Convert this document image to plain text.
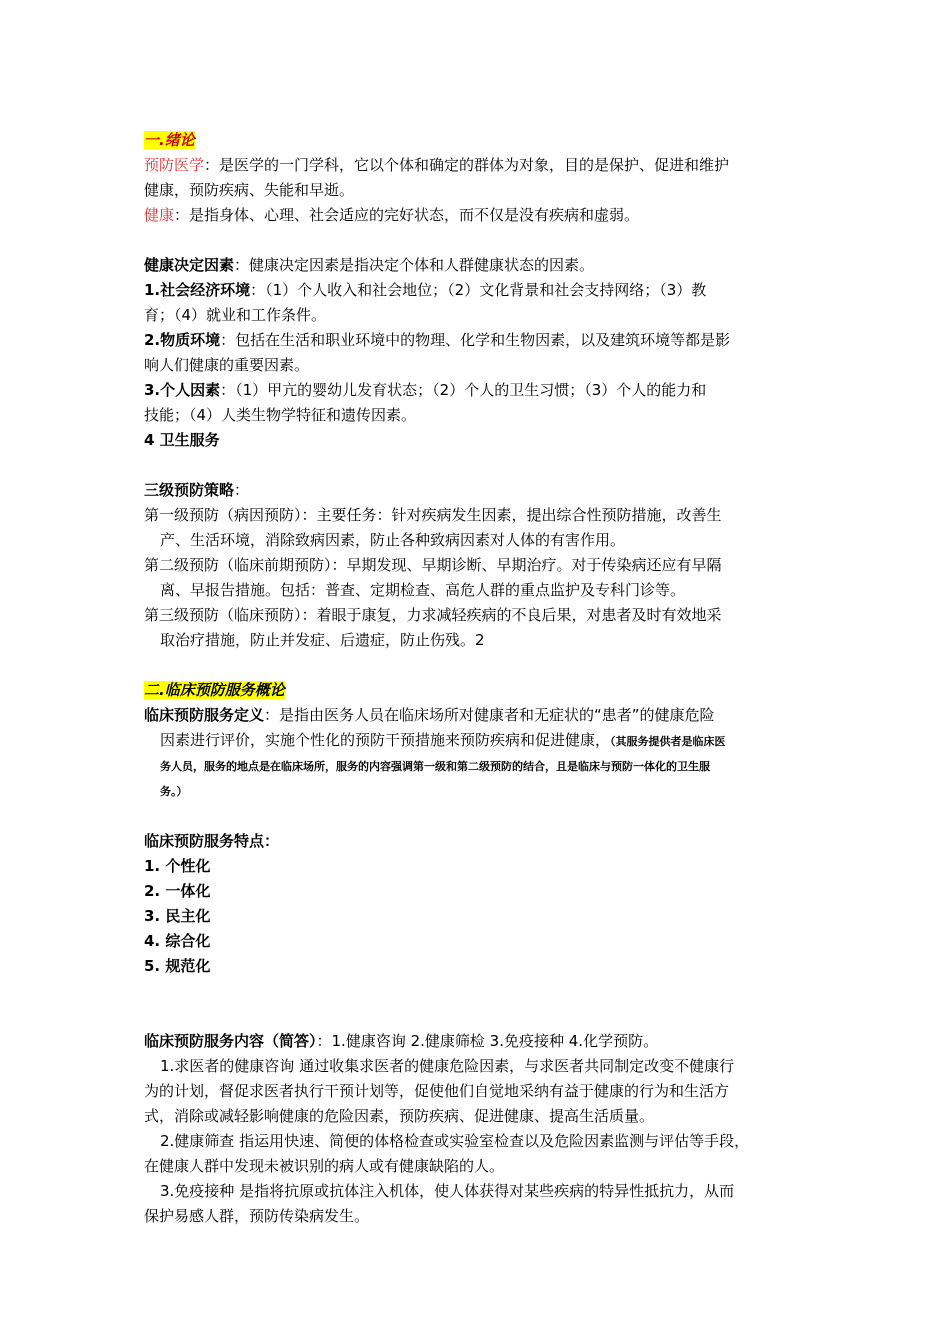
一.绪论
预防医学：是医学的一门学科，它以个体和确定的群体为对象，目的是保护、促进和维护
健康，预防疾病、失能和早逝。
健康：是指身体、心理、社会适应的完好状态，而不仅是没有疾病和虚弱。
健康决定因素：健康决定因素是指决定个体和人群健康状态的因素。
1.社会经济环境：（1）个人收入和社会地位；（2）文化背景和社会支持网络；（3）教
育；（4）就业和工作条件。
2.物质环境：包括在生活和职业环境中的物理、化学和生物因素，以及建筑环境等都是影
响人们健康的重要因素。
3.个人因素：（1）甲亢的婴幼儿发育状态；（2）个人的卫生习惯；（3）个人的能力和
技能；（4）人类生物学特征和遗传因素。
4 卫生服务
三级预防策略：
第一级预防（病因预防）：主要任务：针对疾病发生因素，提出综合性预防措施，改善生
产、生活环境，消除致病因素，防止各种致病因素对人体的有害作用。
第二级预防（临床前期预防）：早期发现、早期诊断、早期治疗。对于传染病还应有早隔
离、早报告措施。包括：普查、定期检查、高危人群的重点监护及专科门诊等。
第三级预防（临床预防）：着眼于康复，力求减轻疾病的不良后果，对患者及时有效地采
取治疗措施，防止并发症、后遗症，防止伤残。2
二.临床预防服务概论
临床预防服务定义：是指由医务人员在临床场所对健康者和无症状的“患者”的健康危险
因素进行评价，实施个性化的预防干预措施来预防疾病和促进健康，（其服务提供者是临床医
务人员，服务的地点是在临床场所，服务的内容强调第一级和第二级预防的结合，且是临床与预防一体化的卫生服
务。）
临床预防服务特点：
1. 个性化
2. 一体化
3. 民主化
4. 综合化
5. 规范化
临床预防服务内容（简答）：1.健康咨询 2.健康筛检 3.免疫接种 4.化学预防。
1.求医者的健康咨询 通过收集求医者的健康危险因素，与求医者共同制定改变不健康行
为的计划，督促求医者执行干预计划等，促使他们自觉地采纳有益于健康的行为和生活方
式，消除或减轻影响健康的危险因素，预防疾病、促进健康、提高生活质量。
2.健康筛查 指运用快速、简便的体格检查或实验室检查以及危险因素监测与评估等手段，
在健康人群中发现未被识别的病人或有健康缺陷的人。
3.免疫接种 是指将抗原或抗体注入机体，使人体获得对某些疾病的特异性抵抗力，从而
保护易感人群，预防传染病发生。
